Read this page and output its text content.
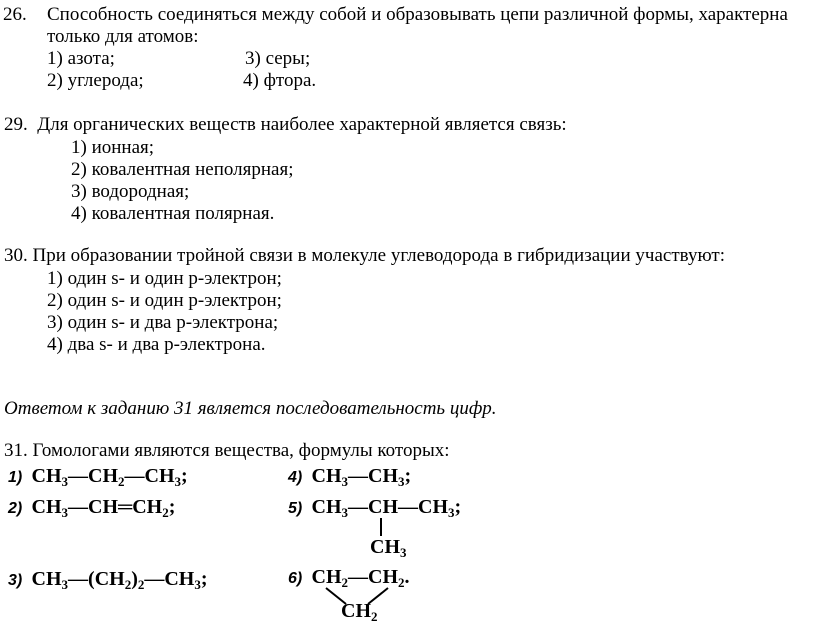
26. Способность соединяться между собой и образовывать цепи различной формы, характерна
только для атомов:
1) азота;	3) серы;
2) углерода;	4) фтора.
29. Для органических веществ наиболее характерной является связь:
1) ионная;
2) ковалентная неполярная;
3) водородная;
4) ковалентная полярная.
30. При образовании тройной связи в молекуле углеводорода в гибридизации участвуют:
1) один s- и один p-электрон;
2) один s- и один p-электрон;
3) один s- и два p-электрона;
4) два s- и два p-электрона.
Ответом к заданию 31 является последовательность цифр.
31. Гомологами являются вещества, формулы которых:
1) $CH_3—CH_2—CH_3$;
2) $CH_3—CH═CH_2$;
3) $CH_3—(CH_2)_2—CH_3$;
4) $CH_3—CH_3$;
5) $CH_3—CH—CH_3$;
$CH_3$
6) $CH_2—CH_2$.
$CH_2$
